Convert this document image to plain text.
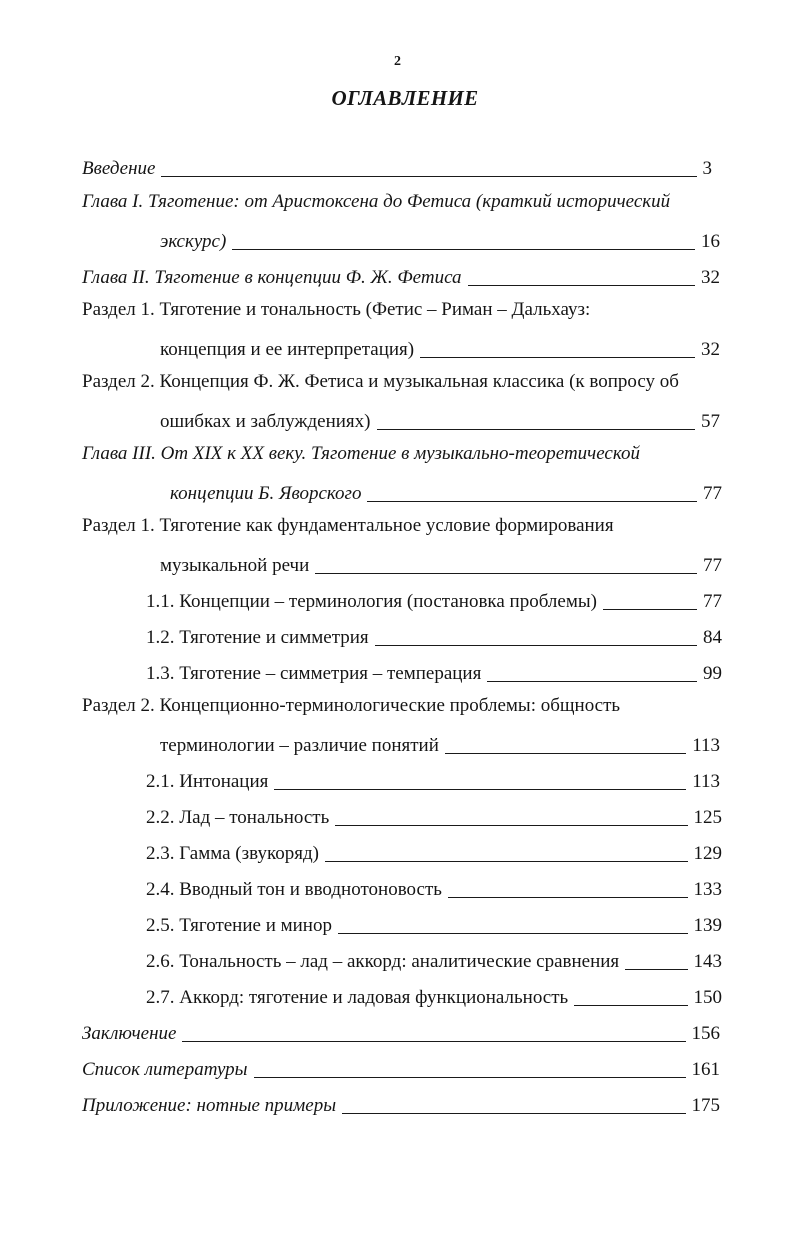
2
ОГЛАВЛЕНИЕ
Введение	3
Глава I. Тяготение: от Аристоксена до Фетиса (краткий исторический
экскурс)	16
Глава II. Тяготение в концепции Ф. Ж. Фетиса	32
Раздел 1. Тяготение и тональность (Фетис – Риман – Дальхауз:
концепция и ее интерпретация)	32
Раздел 2. Концепция Ф. Ж. Фетиса и музыкальная классика (к вопросу об
ошибках и заблуждениях)	57
Глава III. От XIX к XX веку. Тяготение в музыкально-теоретической
концепции Б. Яворского	77
Раздел 1. Тяготение как фундаментальное условие формирования
музыкальной речи	77
1.1. Концепции – терминология (постановка проблемы)	77
1.2. Тяготение и симметрия	84
1.3. Тяготение – симметрия – темперация	99
Раздел 2. Концепционно-терминологические проблемы: общность
терминологии – различие понятий	113
2.1. Интонация	113
2.2. Лад – тональность	125
2.3. Гамма (звукоряд)	129
2.4. Вводный тон и вводнотоновость	133
2.5. Тяготение и минор	139
2.6. Тональность – лад – аккорд: аналитические сравнения	143
2.7. Аккорд: тяготение и ладовая функциональность	150
Заключение	156
Список литературы	161
Приложение: нотные примеры	175
